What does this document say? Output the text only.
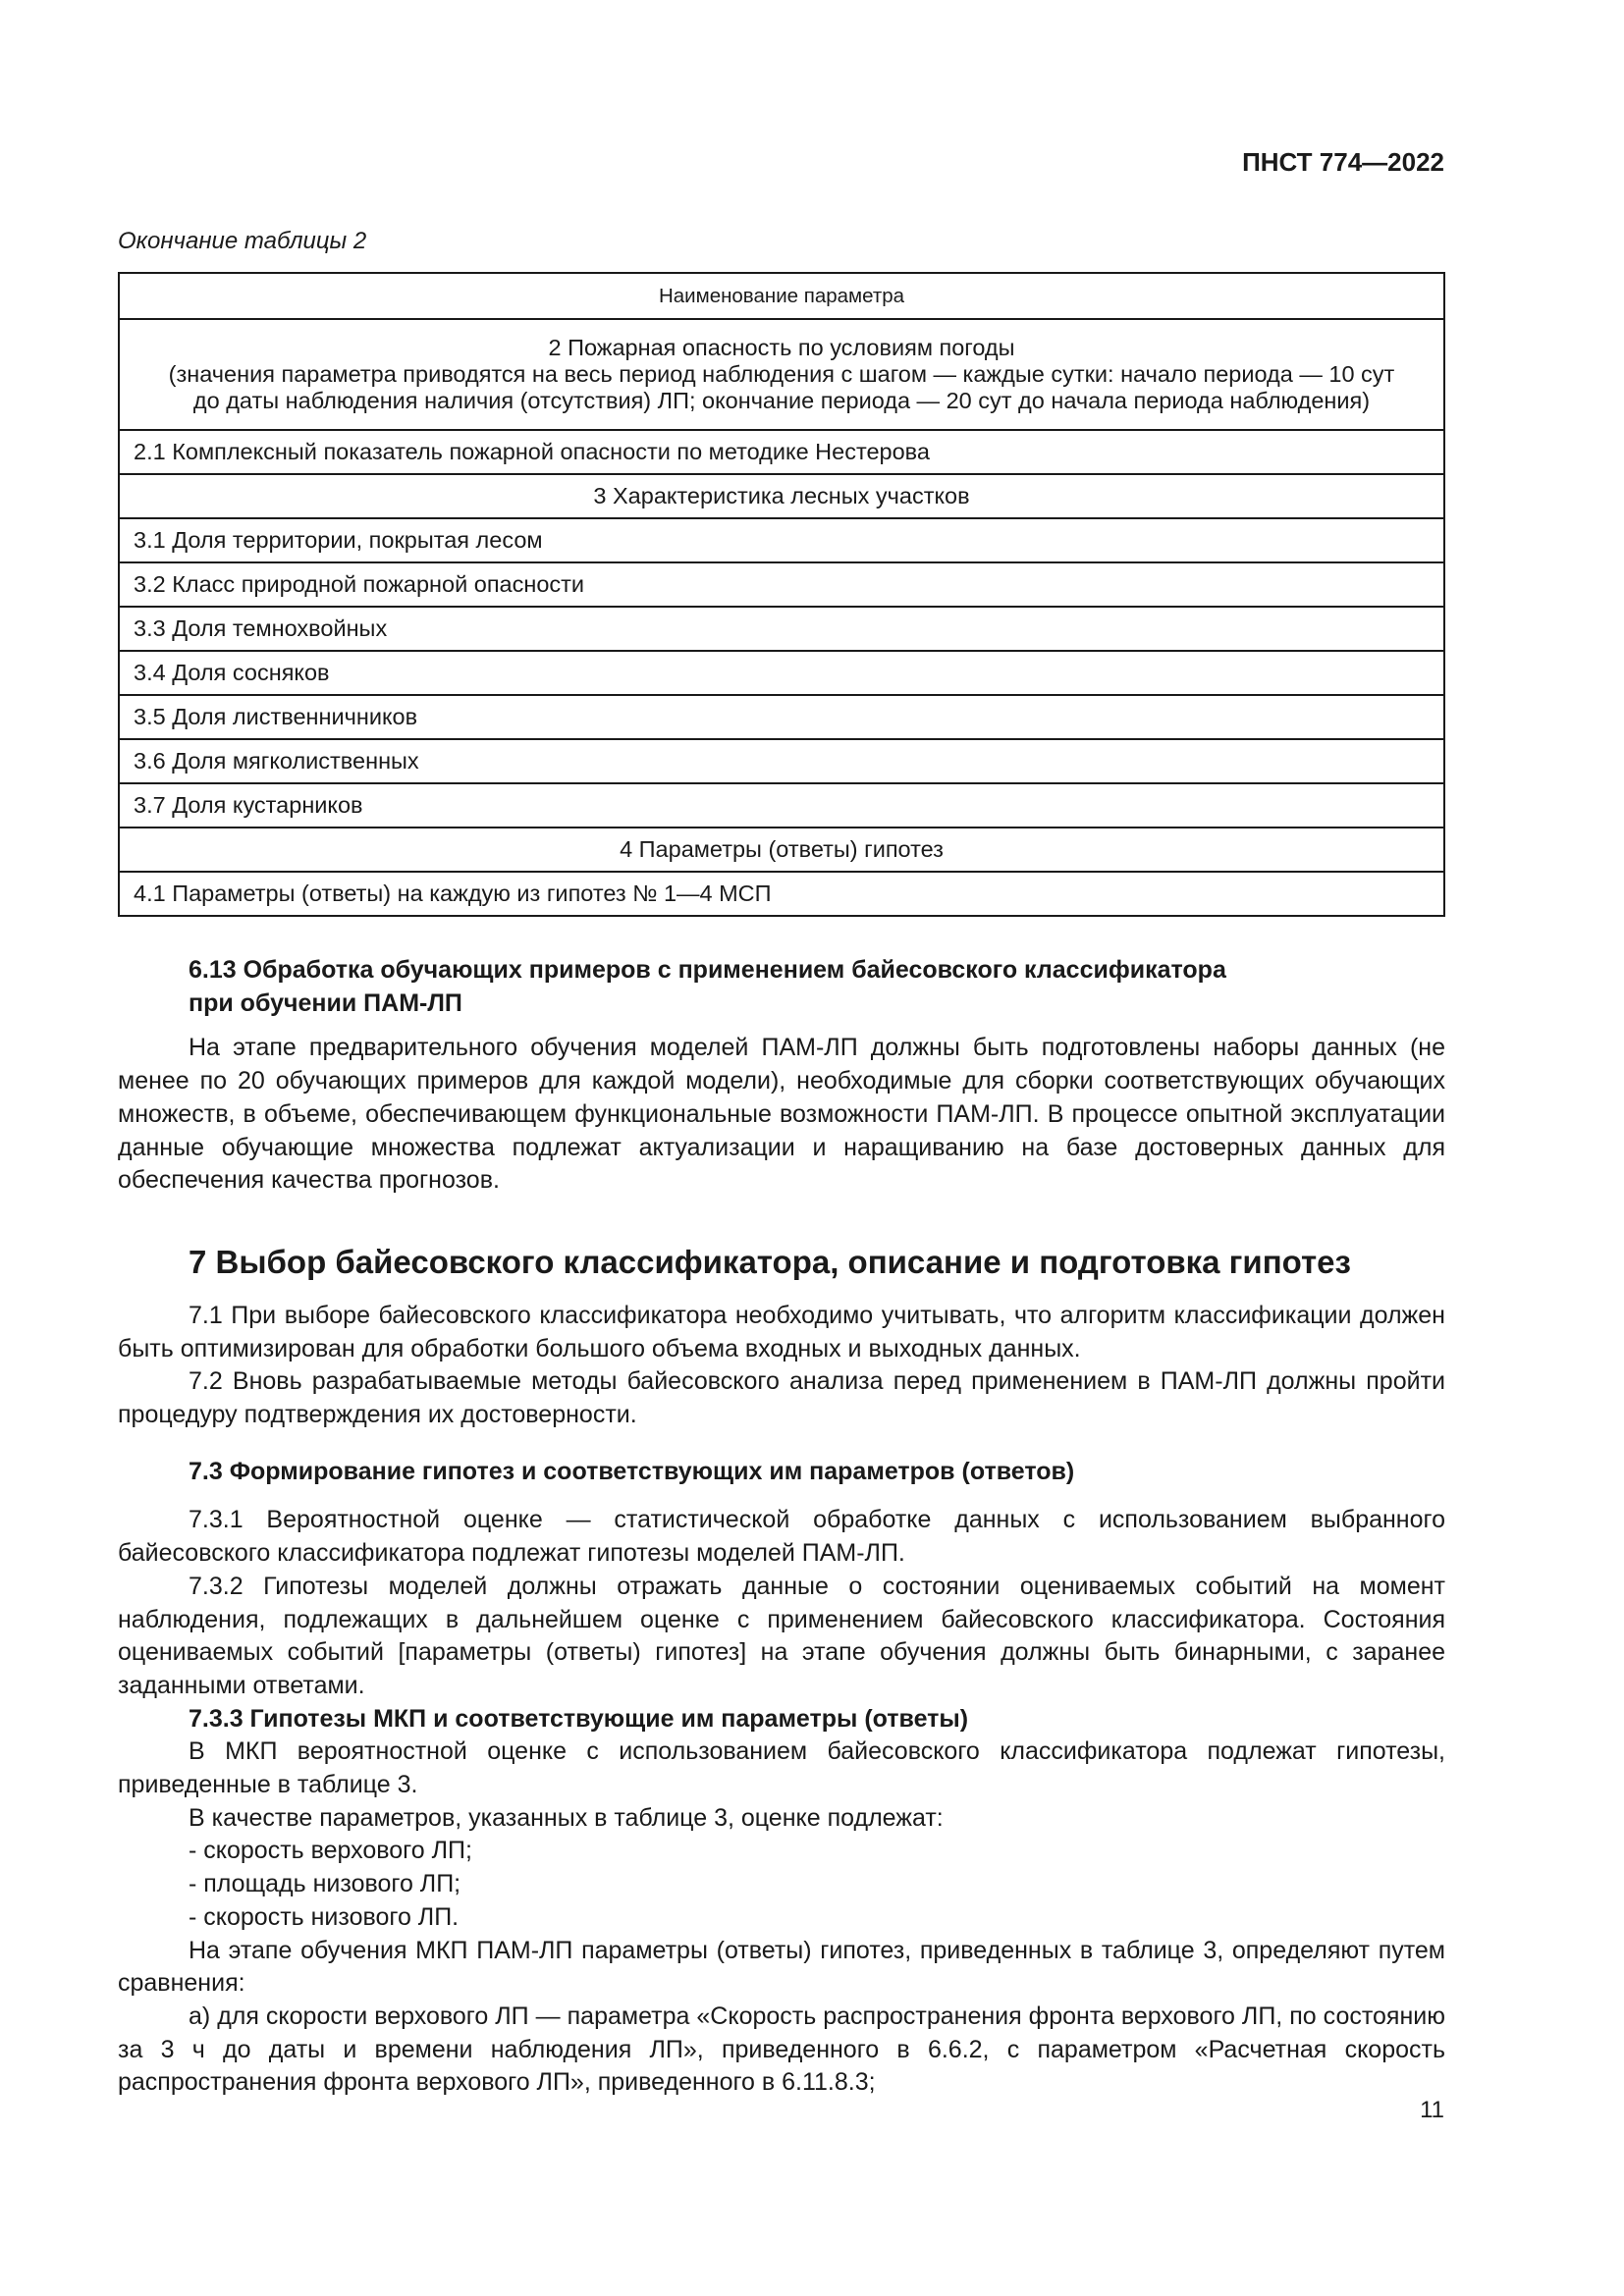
ПНСТ 774—2022
Окончание таблицы 2
Наименование параметра

2 Пожарная опасность по условиям погоды
(значения параметра приводятся на весь период наблюдения с шагом — каждые сутки: начало периода — 10 сут
до даты наблюдения наличия (отсутствия) ЛП; окончание периода — 20 сут до начала периода наблюдения)

2.1 Комплексный показатель пожарной опасности по методике Нестерова
3 Характеристика лесных участков
3.1 Доля территории, покрытая лесом
3.2 Класс природной пожарной опасности
3.3 Доля темнохвойных
3.4 Доля сосняков
3.5 Доля лиственничников
3.6 Доля мягколиственных
3.7 Доля кустарников
4 Параметры (ответы) гипотез
4.1 Параметры (ответы) на каждую из гипотез № 1—4 МСП

6.13 Обработка обучающих примеров с применением байесовского классификатора
при обучении ПАМ-ЛП

На этапе предварительного обучения моделей ПАМ-ЛП должны быть подготовлены наборы данных (не менее по 20 обучающих примеров для каждой модели), необходимые для сборки соответствующих обучающих множеств, в объеме, обеспечивающем функциональные возможности ПАМ-ЛП. В процессе опытной эксплуатации данные обучающие множества подлежат актуализации и наращиванию на базе достоверных данных для обеспечения качества прогнозов.

7 Выбор байесовского классификатора, описание и подготовка гипотез

7.1 При выборе байесовского классификатора необходимо учитывать, что алгоритм классификации должен быть оптимизирован для обработки большого объема входных и выходных данных.

7.2 Вновь разрабатываемые методы байесовского анализа перед применением в ПАМ-ЛП должны пройти процедуру подтверждения их достоверности.

7.3 Формирование гипотез и соответствующих им параметров (ответов)

7.3.1 Вероятностной оценке — статистической обработке данных с использованием выбранного байесовского классификатора подлежат гипотезы моделей ПАМ-ЛП.

7.3.2 Гипотезы моделей должны отражать данные о состоянии оцениваемых событий на момент наблюдения, подлежащих в дальнейшем оценке с применением байесовского классификатора. Состояния оцениваемых событий [параметры (ответы) гипотез] на этапе обучения должны быть бинарными, с заранее заданными ответами.

7.3.3 Гипотезы МКП и соответствующие им параметры (ответы)

В МКП вероятностной оценке с использованием байесовского классификатора подлежат гипотезы, приведенные в таблице 3.

В качестве параметров, указанных в таблице 3, оценке подлежат:

- скорость верхового ЛП;

- площадь низового ЛП;

- скорость низового ЛП.

На этапе обучения МКП ПАМ-ЛП параметры (ответы) гипотез, приведенных в таблице 3, определяют путем сравнения:

а) для скорости верхового ЛП — параметра «Скорость распространения фронта верхового ЛП, по состоянию за 3 ч до даты и времени наблюдения ЛП», приведенного в 6.6.2, с параметром «Расчетная скорость распространения фронта верхового ЛП», приведенного в 6.11.8.3;

11
